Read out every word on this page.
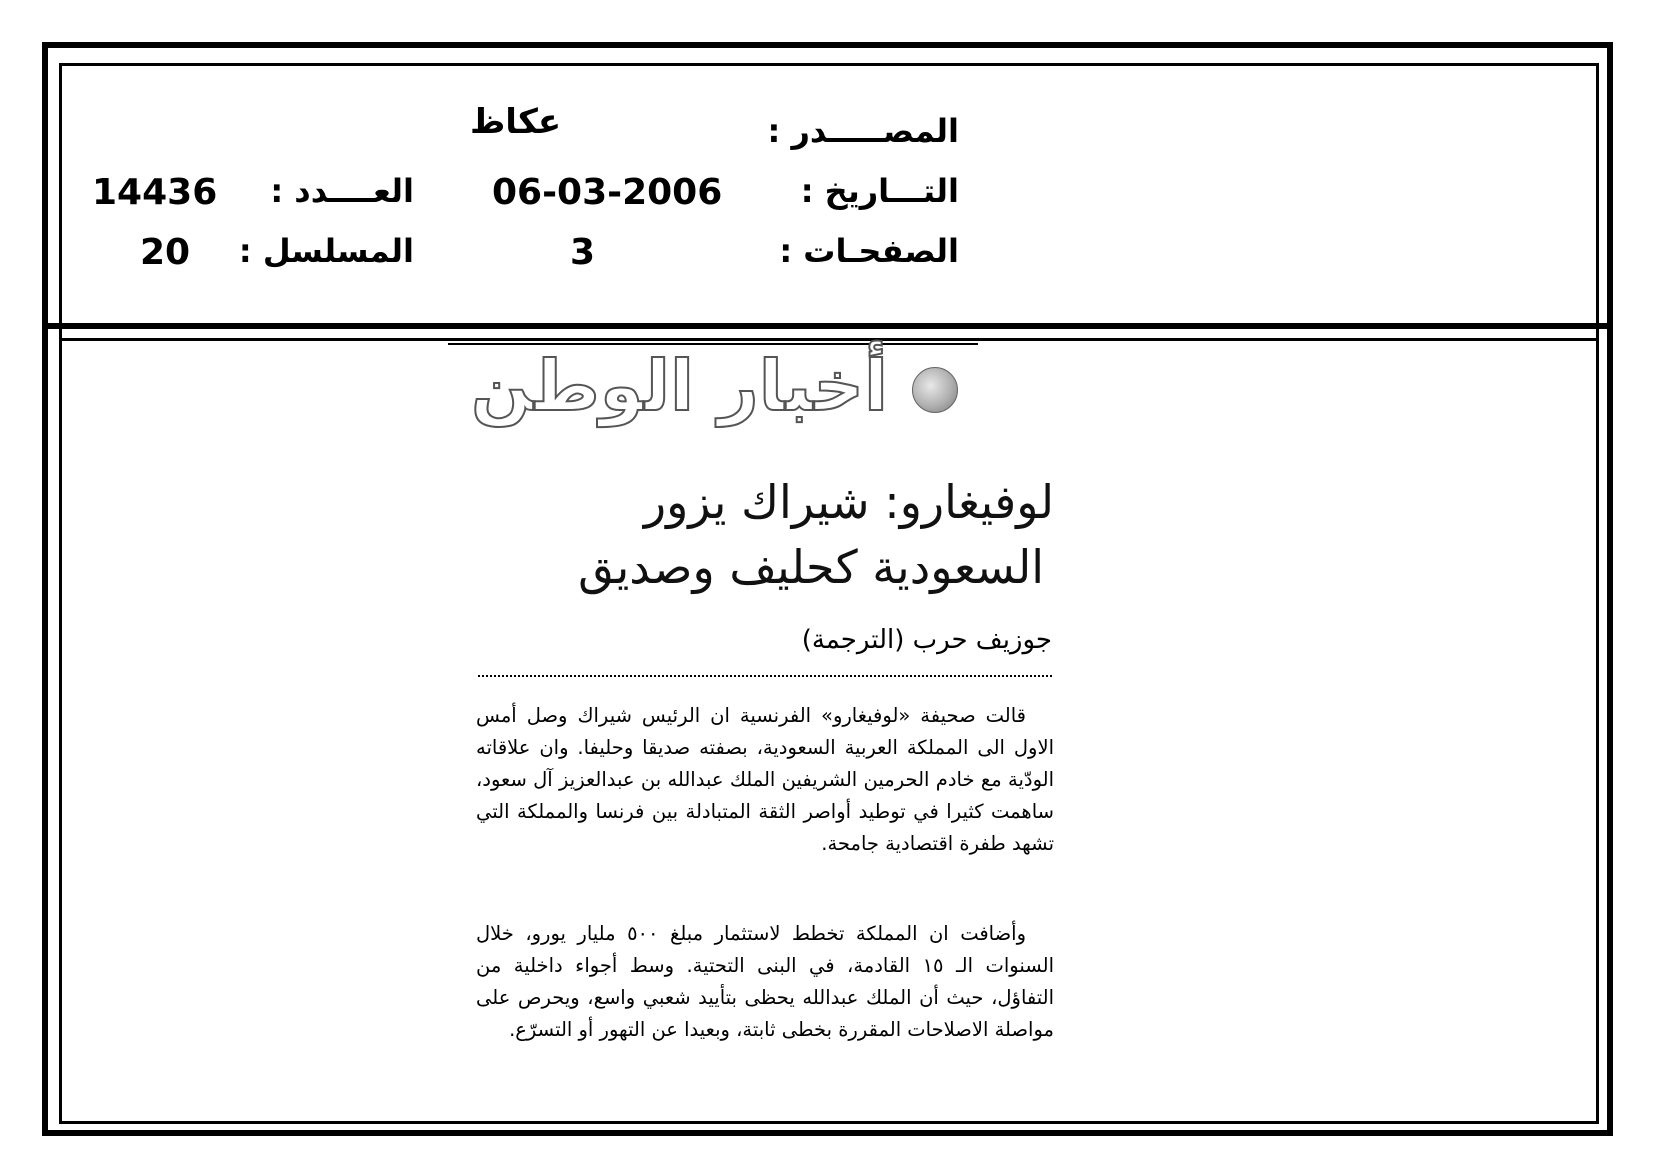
المصـــــدر :
عكاظ
التـــاريخ :
06-03-2006
العــــدد :
14436
الصفحـات :
3
المسلسل :
20
أخبار الوطن
لوفيغارو: شيراك يزور
السعودية كحليف وصديق
جوزيف حرب (الترجمة)
قالت صحيفة «لوفيغارو» الفرنسية ان الرئيس شيراك وصل أمس الاول الى المملكة العربية السعودية، بصفته صديقا وحليفا. وان علاقاته الودّية مع خادم الحرمين الشريفين الملك عبدالله بن عبدالعزيز آل سعود، ساهمت كثيرا في توطيد أواصر الثقة المتبادلة بين فرنسا والمملكة التي تشهد طفرة اقتصادية جامحة.
وأضافت ان المملكة تخطط لاستثمار مبلغ ٥٠٠ مليار يورو، خلال السنوات الـ ١٥ القادمة، في البنى التحتية. وسط أجواء داخلية من التفاؤل، حيث أن الملك عبدالله يحظى بتأييد شعبي واسع، ويحرص على مواصلة الاصلاحات المقررة بخطى ثابتة، وبعيدا عن التهور أو التسرّع.
